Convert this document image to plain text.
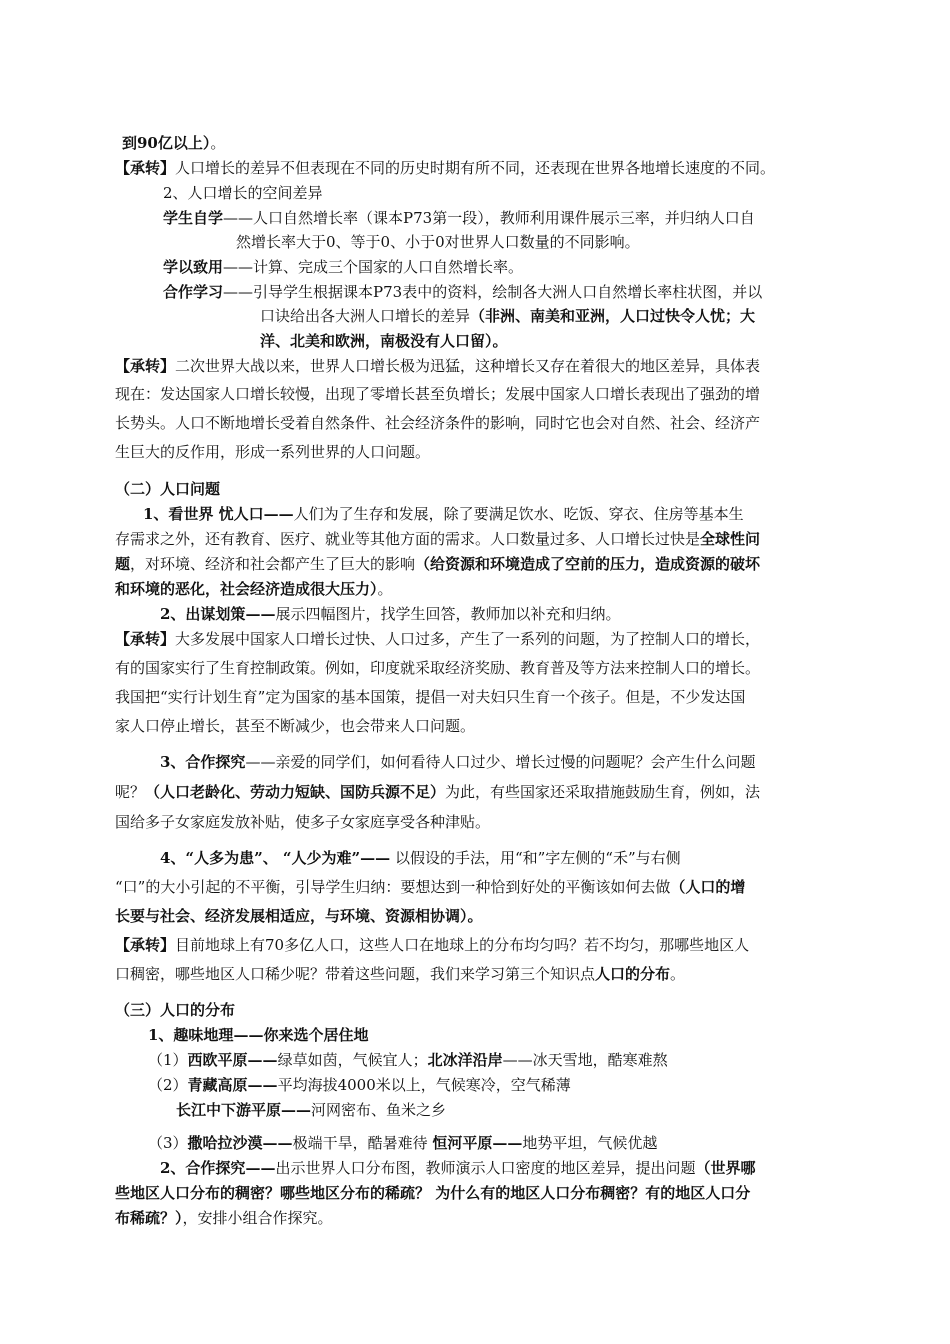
到90亿以上）。
【承转】人口增长的差异不但表现在不同的历史时期有所不同，还表现在世界各地增长速度的不同。
2、人口增长的空间差异
学生自学——人口自然增长率（课本P73第一段），教师利用课件展示三率，并归纳人口自
然增长率大于0、等于0、小于0对世界人口数量的不同影响。
学以致用——计算、完成三个国家的人口自然增长率。
合作学习——引导学生根据课本P73表中的资料，绘制各大洲人口自然增长率柱状图，并以
口诀给出各大洲人口增长的差异（非洲、南美和亚洲，人口过快令人忧；大
洋、北美和欧洲，南极没有人口留）。
【承转】二次世界大战以来，世界人口增长极为迅猛，这种增长又存在着很大的地区差异，具体表
现在：发达国家人口增长较慢，出现了零增长甚至负增长；发展中国家人口增长表现出了强劲的增
长势头。人口不断地增长受着自然条件、社会经济条件的影响，同时它也会对自然、社会、经济产
生巨大的反作用，形成一系列世界的人口问题。
（二）人口问题
1、看世界 忧人口——人们为了生存和发展，除了要满足饮水、吃饭、穿衣、住房等基本生
存需求之外，还有教育、医疗、就业等其他方面的需求。人口数量过多、人口增长过快是全球性问
题，对环境、经济和社会都产生了巨大的影响（给资源和环境造成了空前的压力，造成资源的破坏
和环境的恶化，社会经济造成很大压力）。
2、出谋划策——展示四幅图片，找学生回答，教师加以补充和归纳。
【承转】大多发展中国家人口增长过快、人口过多，产生了一系列的问题，为了控制人口的增长，
有的国家实行了生育控制政策。例如，印度就采取经济奖励、教育普及等方法来控制人口的增长。
我国把“实行计划生育”定为国家的基本国策，提倡一对夫妇只生育一个孩子。但是，不少发达国
家人口停止增长，甚至不断减少，也会带来人口问题。
3、合作探究——亲爱的同学们，如何看待人口过少、增长过慢的问题呢？会产生什么问题
呢？（人口老龄化、劳动力短缺、国防兵源不足）为此，有些国家还采取措施鼓励生育，例如，法
国给多子女家庭发放补贴，使多子女家庭享受各种津贴。
4、“人多为患”、 “人少为难”—— 以假设的手法，用“和”字左侧的“禾”与右侧
“口”的大小引起的不平衡，引导学生归纳：要想达到一种恰到好处的平衡该如何去做（人口的增
长要与社会、经济发展相适应，与环境、资源相协调）。
【承转】目前地球上有70多亿人口，这些人口在地球上的分布均匀吗？若不均匀，那哪些地区人
口稠密，哪些地区人口稀少呢？带着这些问题，我们来学习第三个知识点人口的分布。
（三）人口的分布
1、趣味地理——你来选个居住地
（1）西欧平原——绿草如茵，气候宜人；北冰洋沿岸——冰天雪地，酷寒难熬
（2）青藏高原——平均海拔4000米以上，气候寒冷，空气稀薄
长江中下游平原——河网密布、鱼米之乡
（3）撒哈拉沙漠——极端干旱，酷暑难待 恒河平原——地势平坦，气候优越
2、合作探究——出示世界人口分布图，教师演示人口密度的地区差异，提出问题（世界哪
些地区人口分布的稠密？哪些地区分布的稀疏？ 为什么有的地区人口分布稠密？有的地区人口分
布稀疏？），安排小组合作探究。
